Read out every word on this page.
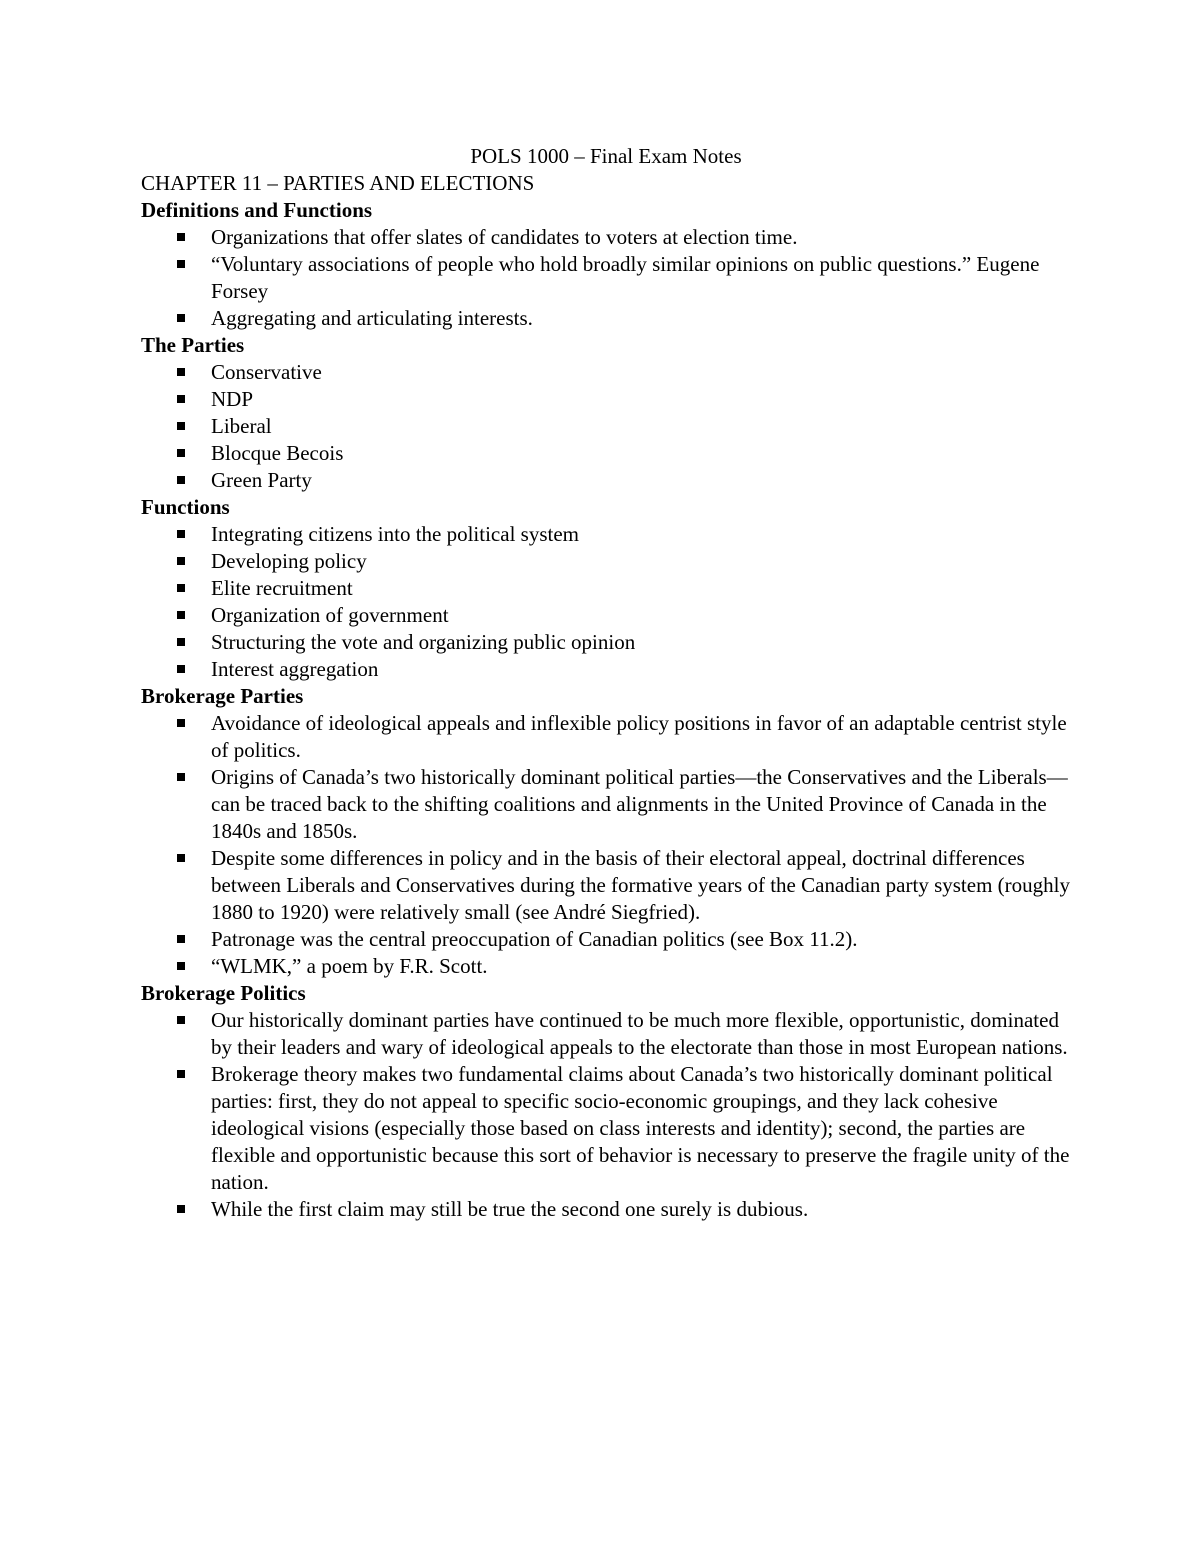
POLS 1000 – Final Exam Notes

CHAPTER 11 – PARTIES AND ELECTIONS

Definitions and Functions

Organizations that offer slates of candidates to voters at election time.
“Voluntary associations of people who hold broadly similar opinions on public questions.” Eugene Forsey
Aggregating and articulating interests.

The Parties

Conservative
NDP
Liberal
Blocque Becois
Green Party

Functions

Integrating citizens into the political system
Developing policy
Elite recruitment
Organization of government
Structuring the vote and organizing public opinion
Interest aggregation

Brokerage Parties

Avoidance of ideological appeals and inflexible policy positions in favor of an adaptable centrist style of politics.
Origins of Canada’s two historically dominant political parties—the Conservatives and the Liberals—can be traced back to the shifting coalitions and alignments in the United Province of Canada in the 1840s and 1850s.
Despite some differences in policy and in the basis of their electoral appeal, doctrinal differences between Liberals and Conservatives during the formative years of the Canadian party system (roughly 1880 to 1920) were relatively small (see André Siegfried).
Patronage was the central preoccupation of Canadian politics (see Box 11.2).
“WLMK,” a poem by F.R. Scott.

Brokerage Politics

Our historically dominant parties have continued to be much more flexible, opportunistic, dominated by their leaders and wary of ideological appeals to the electorate than those in most European nations.
Brokerage theory makes two fundamental claims about Canada’s two historically dominant political parties: first, they do not appeal to specific socio-economic groupings, and they lack cohesive ideological visions (especially those based on class interests and identity); second, the parties are flexible and opportunistic because this sort of behavior is necessary to preserve the fragile unity of the nation.
While the first claim may still be true the second one surely is dubious.
